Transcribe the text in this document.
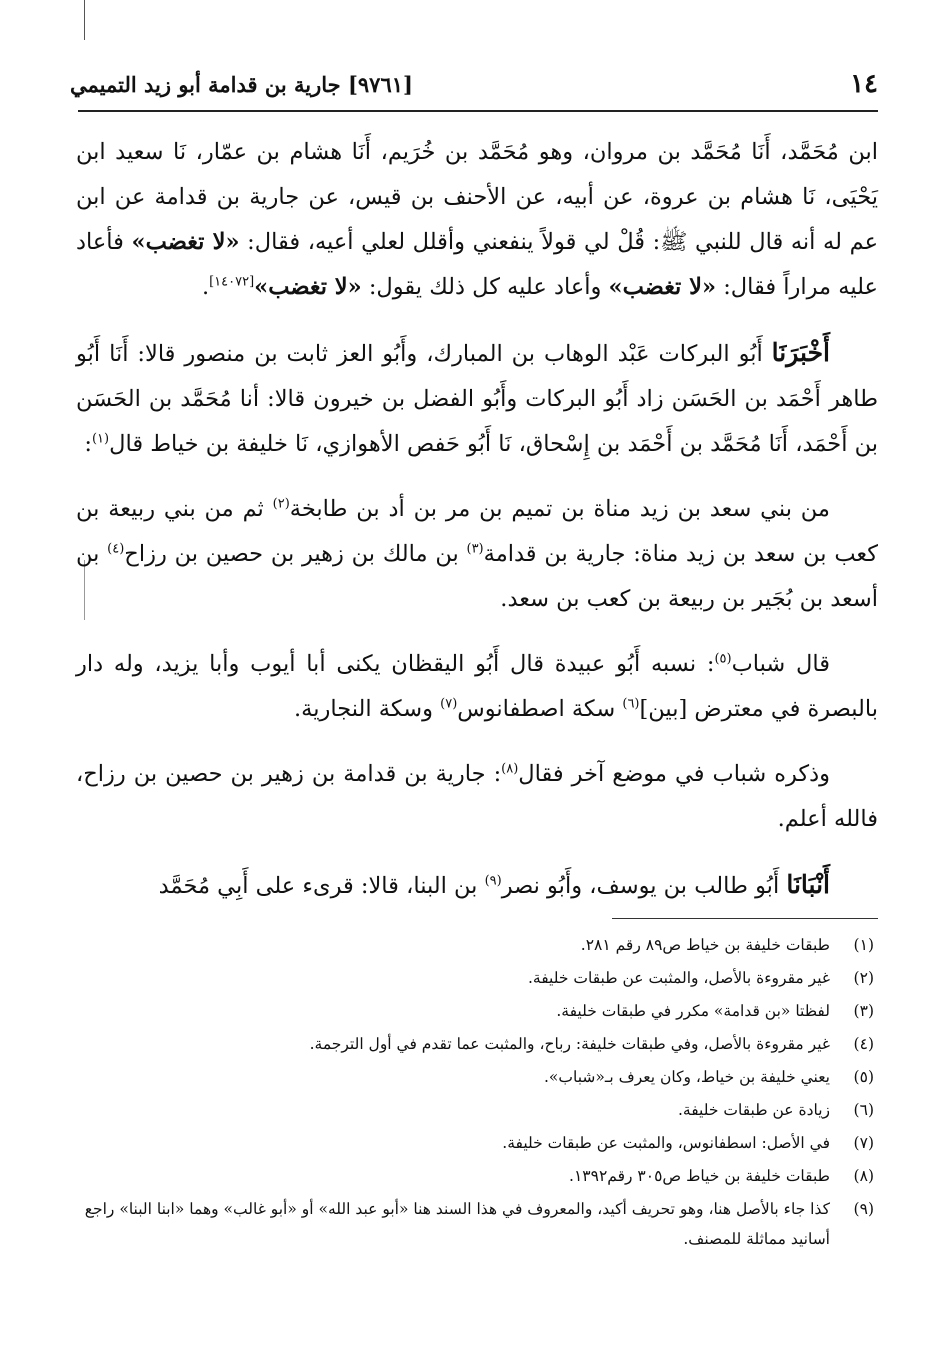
١٤
[٩٧٦١] جارية بن قدامة أبو زيد التميمي

ابن مُحَمَّد، أَنَا مُحَمَّد بن مروان، وهو مُحَمَّد بن خُرَيم، أَنَا هشام بن عمّار، نَا سعيد ابن يَحْيَى، نَا هشام بن عروة، عن أبيه، عن الأحنف بن قيس، عن جارية بن قدامة عن ابن عم له أنه قال للنبي ﷺ: قُلْ لي قولاً ينفعني وأقلل لعلي أعيه، فقال: «لا تغضب» فأعاد عليه مراراً فقال: «لا تغضب» وأعاد عليه كل ذلك يقول: «لا تغضب»[١٤٠٧٢].

أَخْبَرَنَا أَبُو البركات عَبْد الوهاب بن المبارك، وأَبُو العز ثابت بن منصور قالا: أَنَا أَبُو طاهر أَحْمَد بن الحَسَن زاد أَبُو البركات وأَبُو الفضل بن خيرون قالا: أنا مُحَمَّد بن الحَسَن بن أَحْمَد، أَنَا مُحَمَّد بن أَحْمَد بن إِسْحاق، نَا أَبُو حَفص الأهوازي، نَا خليفة بن خياط قال$^{(١)}$:

من بني سعد بن زيد مناة بن تميم بن مر بن أد بن طابخة$^{(٢)}$ ثم من بني ربيعة بن كعب بن سعد بن زيد مناة: جارية بن قدامة$^{(٣)}$ بن مالك بن زهير بن حصين بن رزاح$^{(٤)}$ بن أسعد بن بُجَير بن ربيعة بن كعب بن سعد.

قال شباب$^{(٥)}$: نسبه أَبُو عبيدة قال أَبُو اليقظان يكنى أبا أيوب وأبا يزيد، وله دار بالبصرة في معترض [بين]$^{(٦)}$ سكة اصطفانوس$^{(٧)}$ وسكة النجارية.

وذكره شباب في موضع آخر فقال$^{(٨)}$: جارية بن قدامة بن زهير بن حصين بن رزاح، فالله أعلم.

أَنْبَانَا أَبُو طالب بن يوسف، وأَبُو نصر$^{(٩)}$ بن البنا، قالا: قرىء على أَبِي مُحَمَّد

(١)
طبقات خليفة بن خياط ص٨٩ رقم ٢٨١.
(٢)
غير مقروءة بالأصل، والمثبت عن طبقات خليفة.
(٣)
لفظتا «بن قدامة» مكرر في طبقات خليفة.
(٤)
غير مقروءة بالأصل، وفي طبقات خليفة: رباح، والمثبت عما تقدم في أول الترجمة.
(٥)
يعني خليفة بن خياط، وكان يعرف بـ«شباب».
(٦)
زيادة عن طبقات خليفة.
(٧)
في الأصل: اسطفانوس، والمثبت عن طبقات خليفة.
(٨)
طبقات خليفة بن خياط ص٣٠٥ رقم١٣٩٢.
(٩)
كذا جاء بالأصل هنا، وهو تحريف أكيد، والمعروف في هذا السند هنا «أبو عبد الله» أو «أبو غالب» وهما «ابنا البنا» راجع أسانيد مماثلة للمصنف.
